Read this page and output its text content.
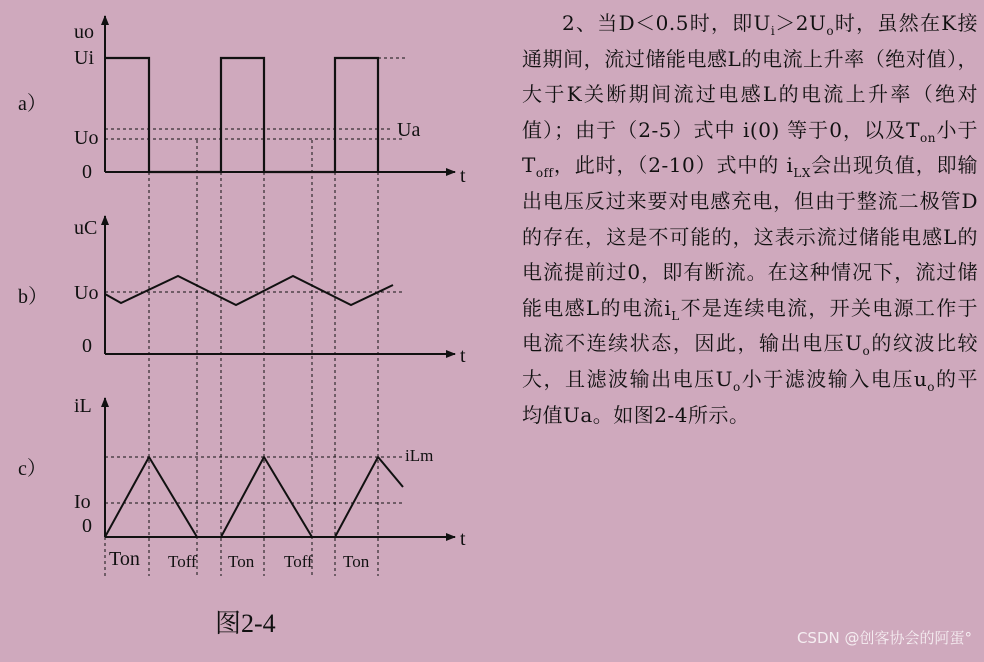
a）
uo
t
Ui
Uo
0
Ua
b）
uC
t
Uo
0
c）
iL
t
iLm
Io
0
Ton Toff Ton Toff Ton
图2-4

2、当D＜0.5时，即$U_i>2U_o$时，虽然在K接通期间，流过储能电感L的电流上升率（绝对值），大于K关断期间流过电感L的电流上升率（绝对值）；由于（2-5）式中 i(0) 等于0，以及$T_{on}$小于$T_{off}$，此时，（2-10）式中的 $i_{LX}$会出现负值，即输出电压反过来要对电感充电，但由于整流二极管D的存在，这是不可能的，这表示流过储能电感L的电流提前过0，即有断流。在这种情况下，流过储能电感L的电流$i_L$不是连续电流，开关电源工作于电流不连续状态，因此，输出电压$U_o$的纹波比较大，且滤波输出电压$U_o$小于滤波输入电压$u_o$的平均值Ua。如图2-4所示。

CSDN @创客协会的阿蛋°
